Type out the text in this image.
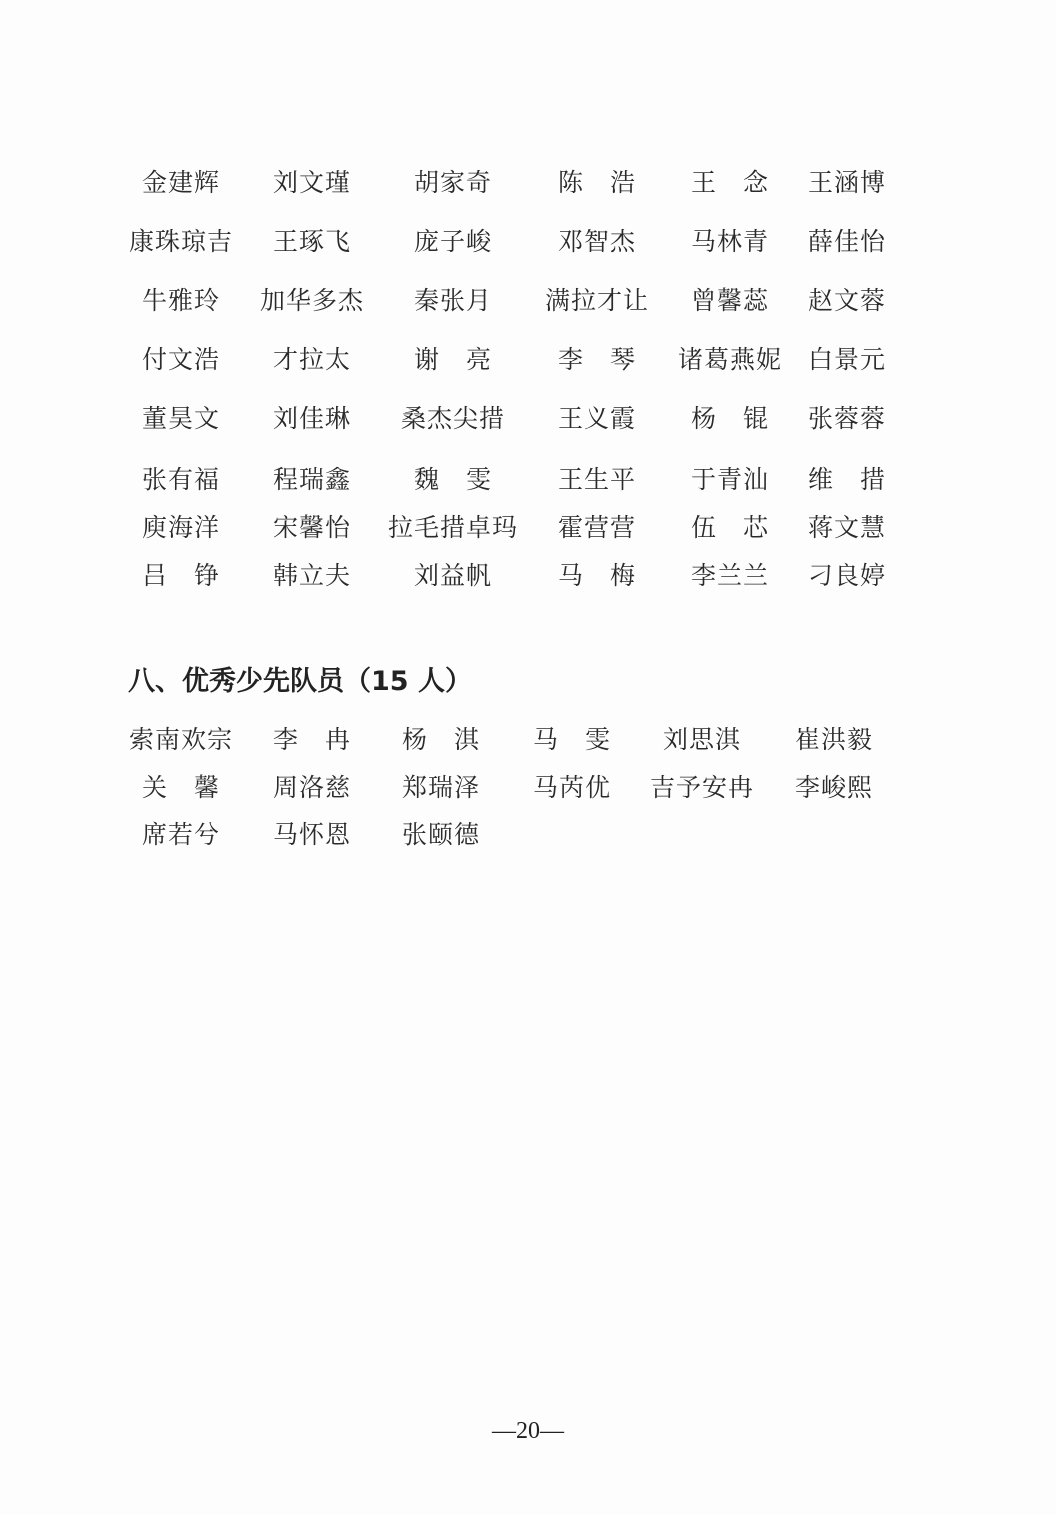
金建辉 刘文瑾	胡家奇	陈　浩 王　念 王涵博
康珠琼吉 王琢飞	庞子峻	邓智杰 马林青 薛佳怡
牛雅玲 加华多杰 秦张月 满拉才让 曾馨蕊 赵文蓉
付文浩 才拉太	谢　亮	李　琴 诸葛燕妮 白景元
董昊文 刘佳琳 桑杰尖措 王义霞 杨　锟 张蓉蓉
张有福 程瑞鑫	魏　雯	王生平 于青汕 维　措
庾海洋 宋馨怡 拉毛措卓玛 霍营营 伍　芯 蒋文慧
吕　铮 韩立夫	刘益帆	马　梅 李兰兰 刁良婷
索南欢宗 李　冉 杨　淇 马　雯 刘思淇 崔洪毅
关　馨 周洛慈 郑瑞泽 马芮优 吉予安冉 李峻熙
席若兮 马怀恩 张颐德
八、优秀少先队员（15 人）
—20—
